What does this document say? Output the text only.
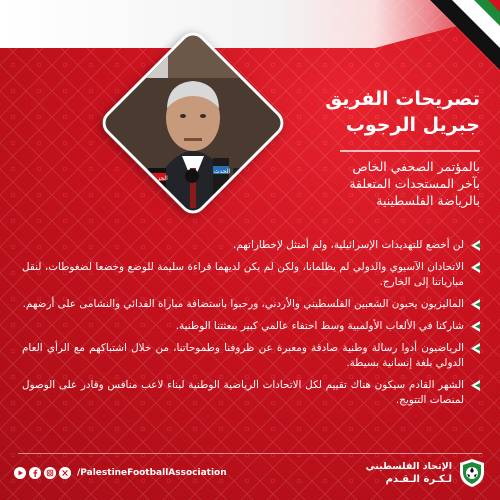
الجزيرة
الحدث
تصريحات الفريق
جبريل الرجوب
بالمؤتمر الصحفي الخاص
بآخر المستجدات المتعلقة
بالرياضة الفلسطينية
لن أخضع للتهديدات الإسرائيلية، ولم أمتثل لإخطاراتهم.
الاتحادان الآسيوي والدولي لم يظلمانا، ولكن لم يكن لديهما قراءة سليمة للوضع وخضعا لضغوطات، لنقل مبارياتنا إلى الخارج.
الماليزيون يحبون الشعبين الفلسطيني والأردني، ورحبوا باستضافة مباراة الفدائي والنشامى على أرضهم.
شاركنا في الألعاب الأولمبية وسط احتفاء عالمي كبير ببعثتنا الوطنية.
الرياضيون أدوا رسالة وطنية صادقة ومعبرة عن ظروفنا وطموحاتنا، من خلال اشتباكهم مع الرأي العام الدولي بلغة إنسانية بسيطة.
الشهر القادم سيكون هناك تقييم لكل الاتحادات الرياضية الوطنية لبناء لاعب منافس وقادر على الوصول لمنصات التتويج.
/PalestineFootballAssociation
الإتحاد الفلسطيني
لـكـرة الـقـدم
